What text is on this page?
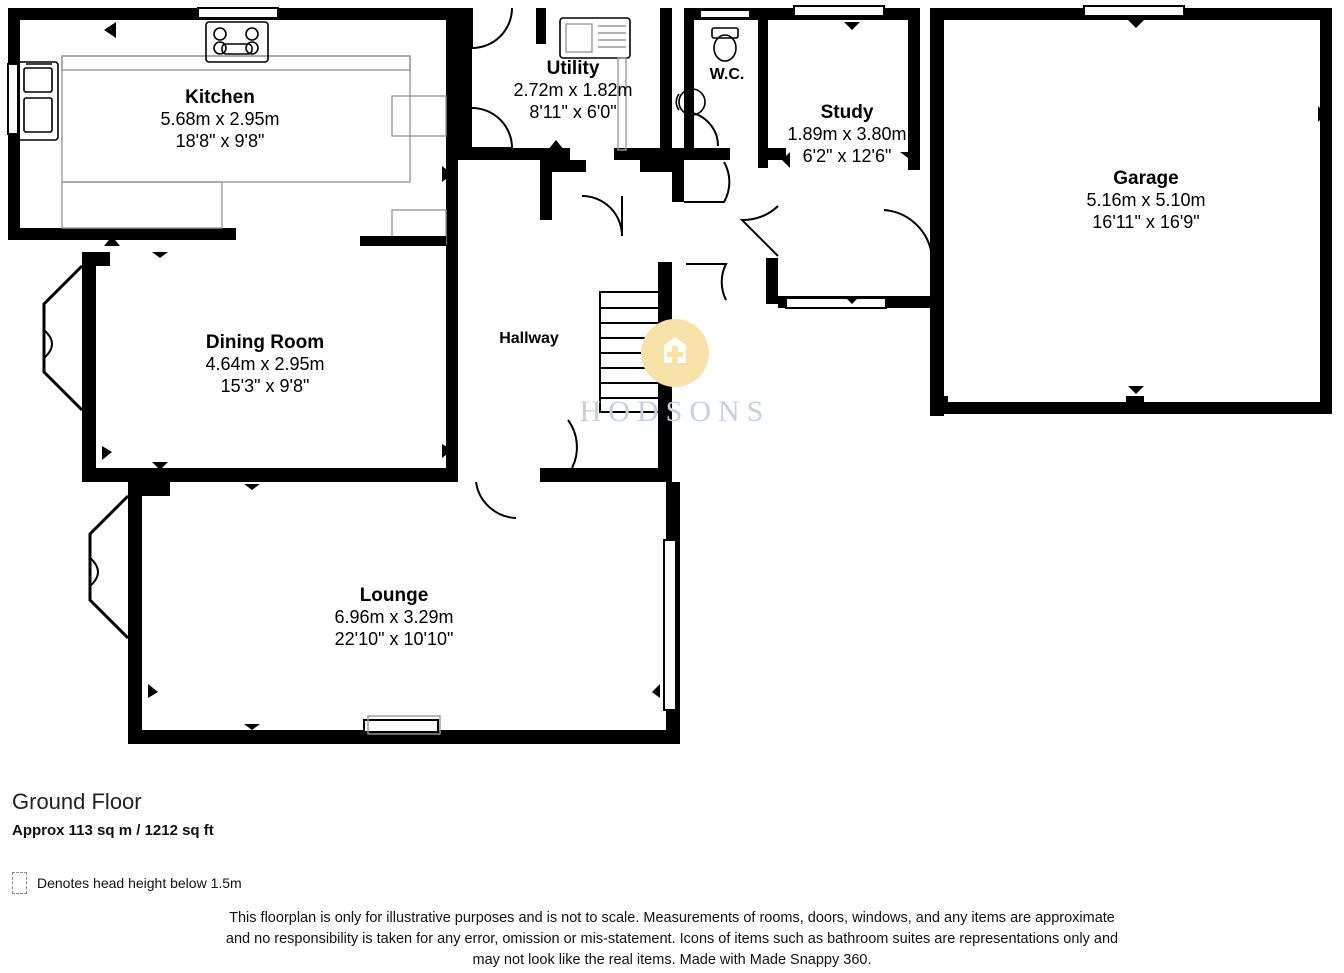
HODSONS
Kitchen
5.68m x 2.95m
18'8" x 9'8"
Utility
2.72m x 1.82m
8'11" x 6'0"
W.C.
Study
1.89m x 3.80m
6'2" x 12'6"
Garage
5.16m x 5.10m
16'11" x 16'9"
Dining Room
4.64m x 2.95m
15'3" x 9'8"
Hallway
Lounge
6.96m x 3.29m
22'10" x 10'10"
Ground Floor
Approx 113 sq m / 1212 sq ft
Denotes head height below 1.5m
This floorplan is only for illustrative purposes and is not to scale. Measurements of rooms, doors, windows, and any items are approximate
and no responsibility is taken for any error, omission or mis-statement. Icons of items such as bathroom suites are representations only and
may not look like the real items. Made with Made Snappy 360.
